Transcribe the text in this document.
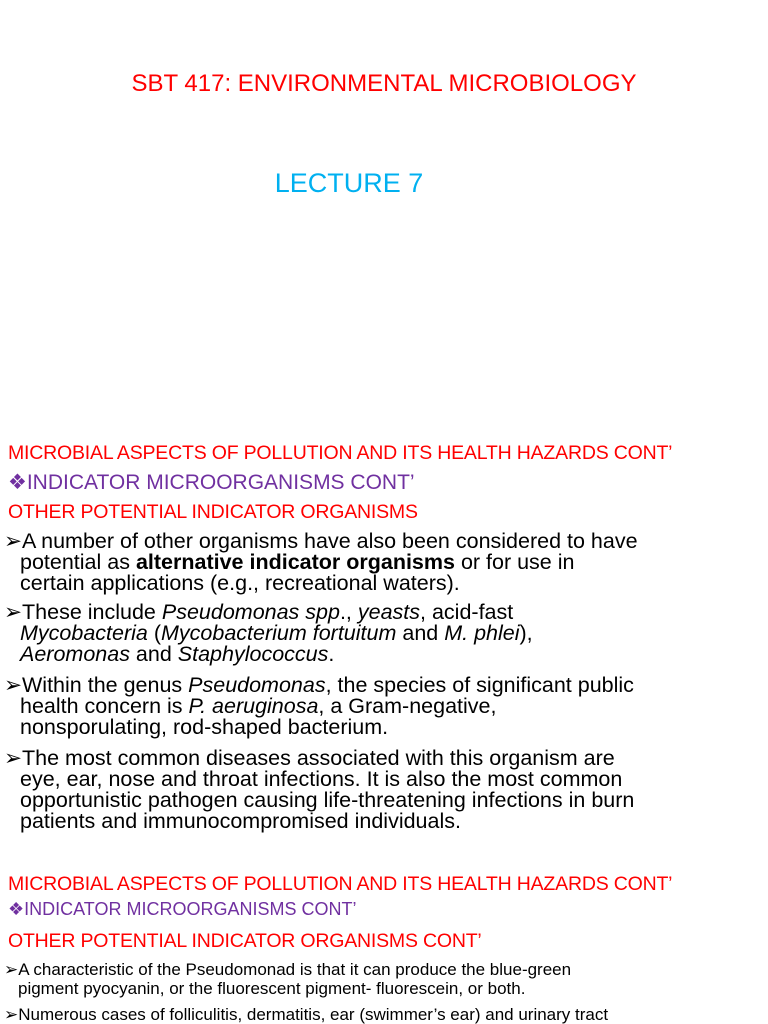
SBT 417: ENVIRONMENTAL MICROBIOLOGY
LECTURE 7
MICROBIAL ASPECTS OF POLLUTION AND ITS HEALTH HAZARDS CONT’
❖INDICATOR MICROORGANISMS CONT’
OTHER POTENTIAL INDICATOR ORGANISMS
➢A number of other organisms have also been considered to have
potential as alternative indicator organisms or for use in
certain applications (e.g., recreational waters).
➢These include Pseudomonas spp., yeasts, acid-fast
Mycobacteria (Mycobacterium fortuitum and M. phlei),
Aeromonas and Staphylococcus.
➢Within the genus Pseudomonas, the species of significant public
health concern is P. aeruginosa, a Gram-negative,
nonsporulating, rod-shaped bacterium.
➢The most common diseases associated with this organism are
eye, ear, nose and throat infections. It is also the most common
opportunistic pathogen causing life-threatening infections in burn
patients and immunocompromised individuals.
MICROBIAL ASPECTS OF POLLUTION AND ITS HEALTH HAZARDS CONT’
❖INDICATOR MICROORGANISMS CONT’
OTHER POTENTIAL INDICATOR ORGANISMS CONT’
➢A characteristic of the Pseudomonad is that it can produce the blue-green
pigment pyocyanin, or the fluorescent pigment- fluorescein, or both.
➢Numerous cases of folliculitis, dermatitis, ear (swimmer’s ear) and urinary tract
